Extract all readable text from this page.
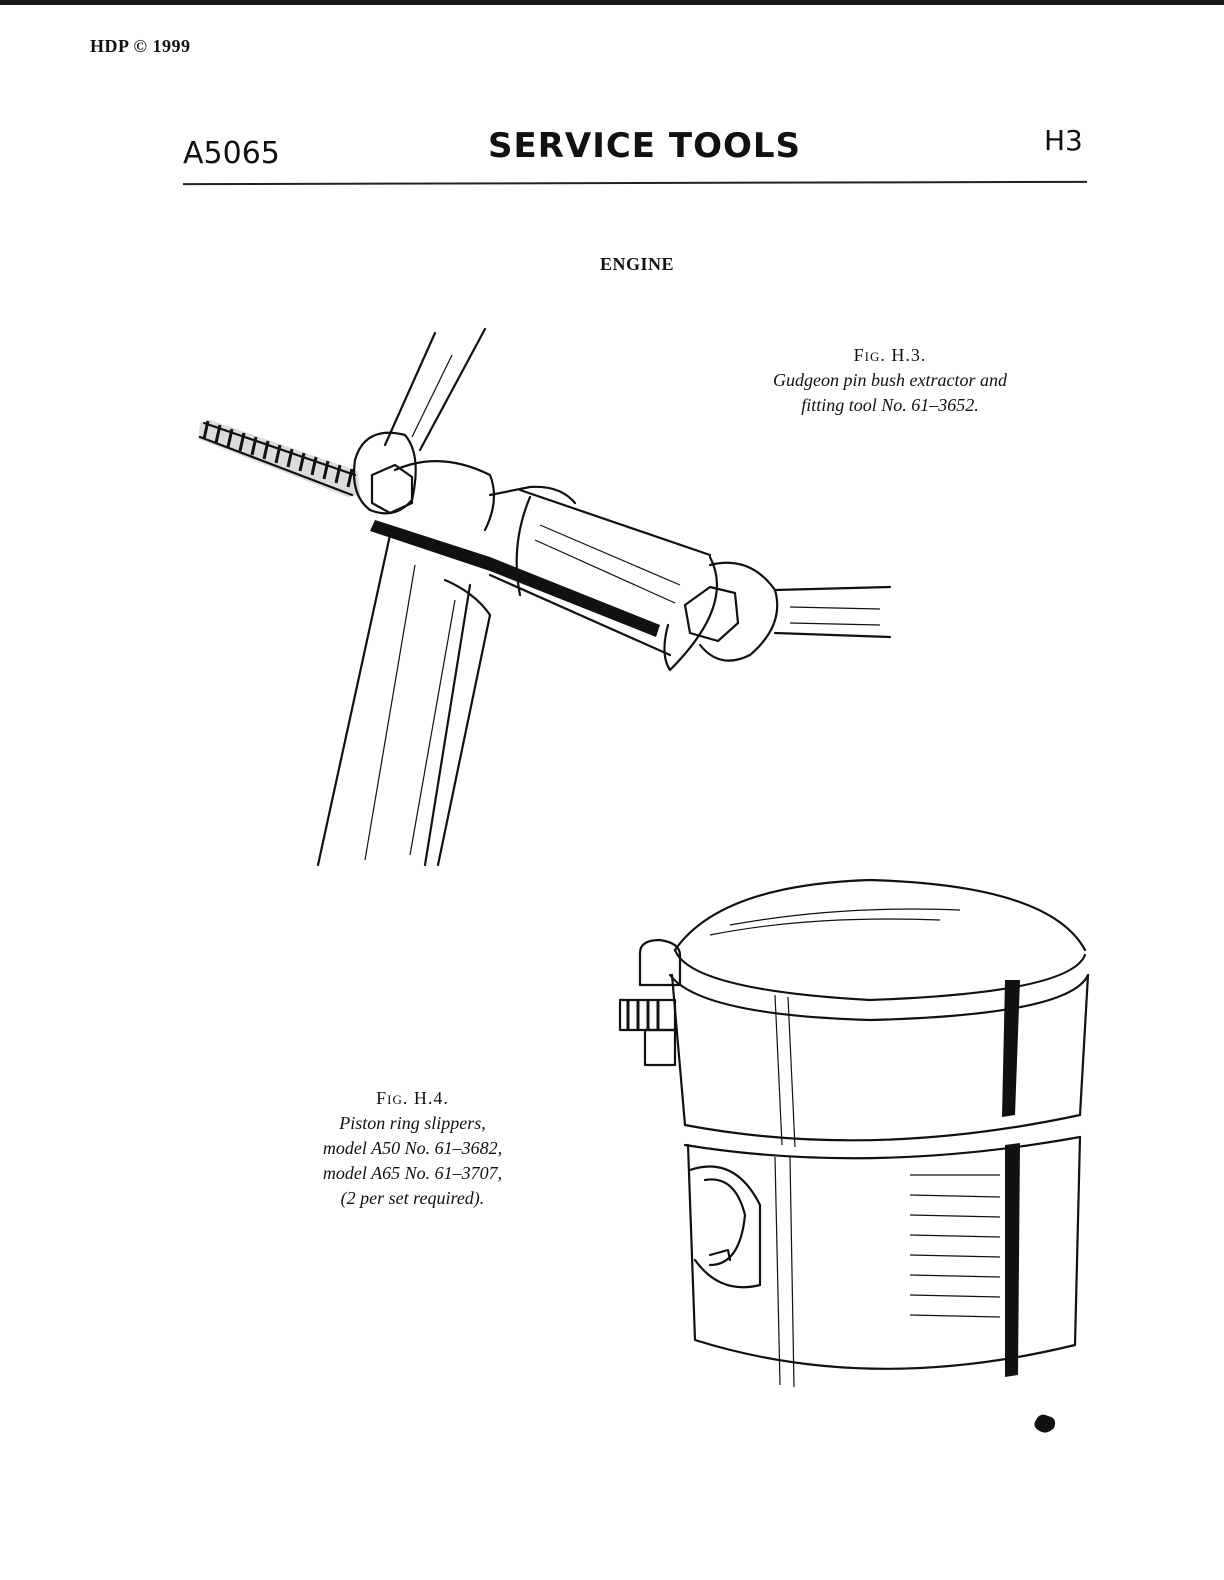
HDP © 1999
A5065	SERVICE TOOLS	H3
ENGINE
Fig. H.3.
Gudgeon pin bush extractor and
fitting tool No. 61–3652.
Fig. H.4.
Piston ring slippers,
model A50 No. 61–3682,
model A65 No. 61–3707,
(2 per set required).
